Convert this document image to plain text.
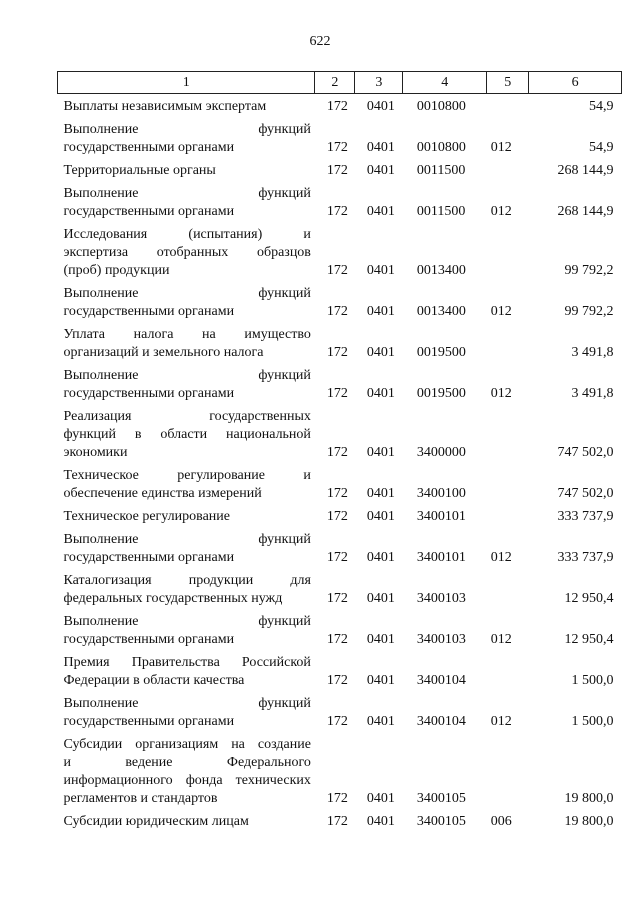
622
1	2	3	4	5	6

Выплаты независимым экспертам	172	0401	0010800		54,9

Выполнение функций
государственными органами	172	0401	0010800	012	54,9

Территориальные органы	172	0401	0011500		268 144,9

Выполнение функций
государственными органами	172	0401	0011500	012	268 144,9

Исследования (испытания) и
экспертиза отобранных образцов
(проб) продукции	172	0401	0013400		99 792,2

Выполнение функций
государственными органами	172	0401	0013400	012	99 792,2

Уплата налога на имущество
организаций и земельного налога	172	0401	0019500		3 491,8

Выполнение функций
государственными органами	172	0401	0019500	012	3 491,8

Реализация государственных
функций в области национальной
экономики	172	0401	3400000		747 502,0

Техническое регулирование и
обеспечение единства измерений	172	0401	3400100		747 502,0

Техническое регулирование	172	0401	3400101		333 737,9

Выполнение функций
государственными органами	172	0401	3400101	012	333 737,9

Каталогизация продукции для
федеральных государственных нужд	172	0401	3400103		12 950,4

Выполнение функций
государственными органами	172	0401	3400103	012	12 950,4

Премия Правительства Российской
Федерации в области качества	172	0401	3400104		1 500,0

Выполнение функций
государственными органами	172	0401	3400104	012	1 500,0

Субсидии организациям на создание
и ведение Федерального
информационного фонда технических
регламентов и стандартов	172	0401	3400105		19 800,0

Субсидии юридическим лицам	172	0401	3400105	006	19 800,0
